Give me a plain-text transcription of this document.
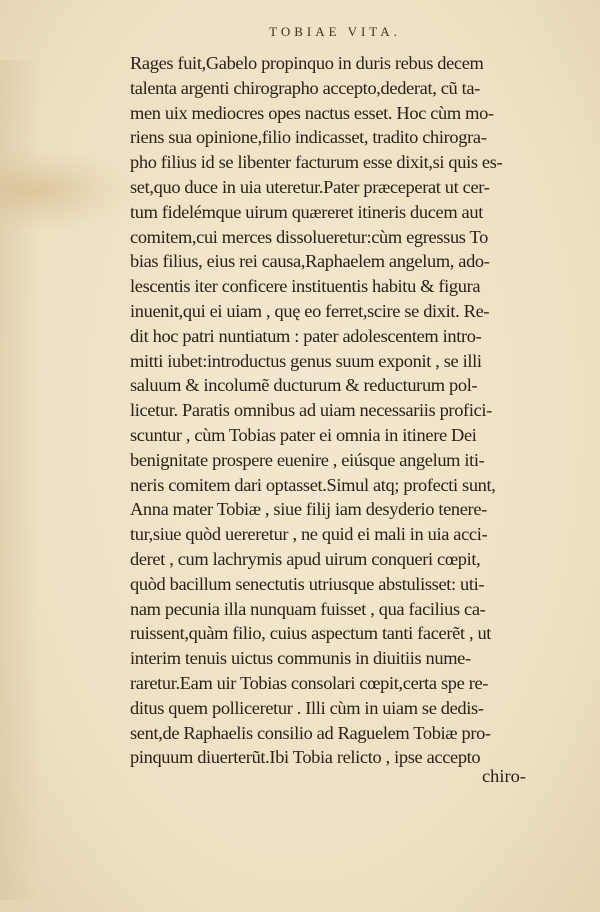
TOBIAE VITA.
Rages fuit,Gabelo propinquo in duris rebus decem
talenta argenti chirographo accepto,dederat, cũ ta-
men uix mediocres opes nactus esset. Hoc cùm mo-
riens sua opinione,filio indicasset, tradito chirogra-
pho filius id se libenter facturum esse dixit,si quis es-
set,quo duce in uia uteretur.Pater præceperat ut cer-
tum fidelémque uirum quæreret itineris ducem aut
comitem,cui merces dissolueretur:cùm egressus To
bias filius, eius rei causa,Raphaelem angelum, ado-
lescentis iter conficere instituentis habitu & figura
inuenit,qui ei uiam , quę eo ferret,scire se dixit. Re-
dit hoc patri nuntiatum : pater adolescentem intro-
mitti iubet:introductus genus suum exponit , se illi
saluum & incolumẽ ducturum & reducturum pol-
licetur. Paratis omnibus ad uiam necessariis profici-
scuntur , cùm Tobias pater ei omnia in itinere Dei
benignitate prospere euenire , eiúsque angelum iti-
neris comitem dari optasset.Simul atq; profecti sunt,
Anna mater Tobiæ , siue filij iam desyderio tenere-
tur,siue quòd uereretur , ne quid ei mali in uia acci-
deret , cum lachrymis apud uirum conqueri cœpit,
quòd bacillum senectutis utriusque abstulisset: uti-
nam pecunia illa nunquam fuisset , qua facilius ca-
ruissent,quàm filio, cuius aspectum tanti facerẽt , ut
interim tenuis uictus communis in diuitiis nume-
raretur.Eam uir Tobias consolari cœpit,certa spe re-
ditus quem polliceretur . Illi cùm in uiam se dedis-
sent,de Raphaelis consilio ad Raguelem Tobiæ pro-
pinquum diuerterũt.Ibi Tobia relicto , ipse accepto
chiro-
